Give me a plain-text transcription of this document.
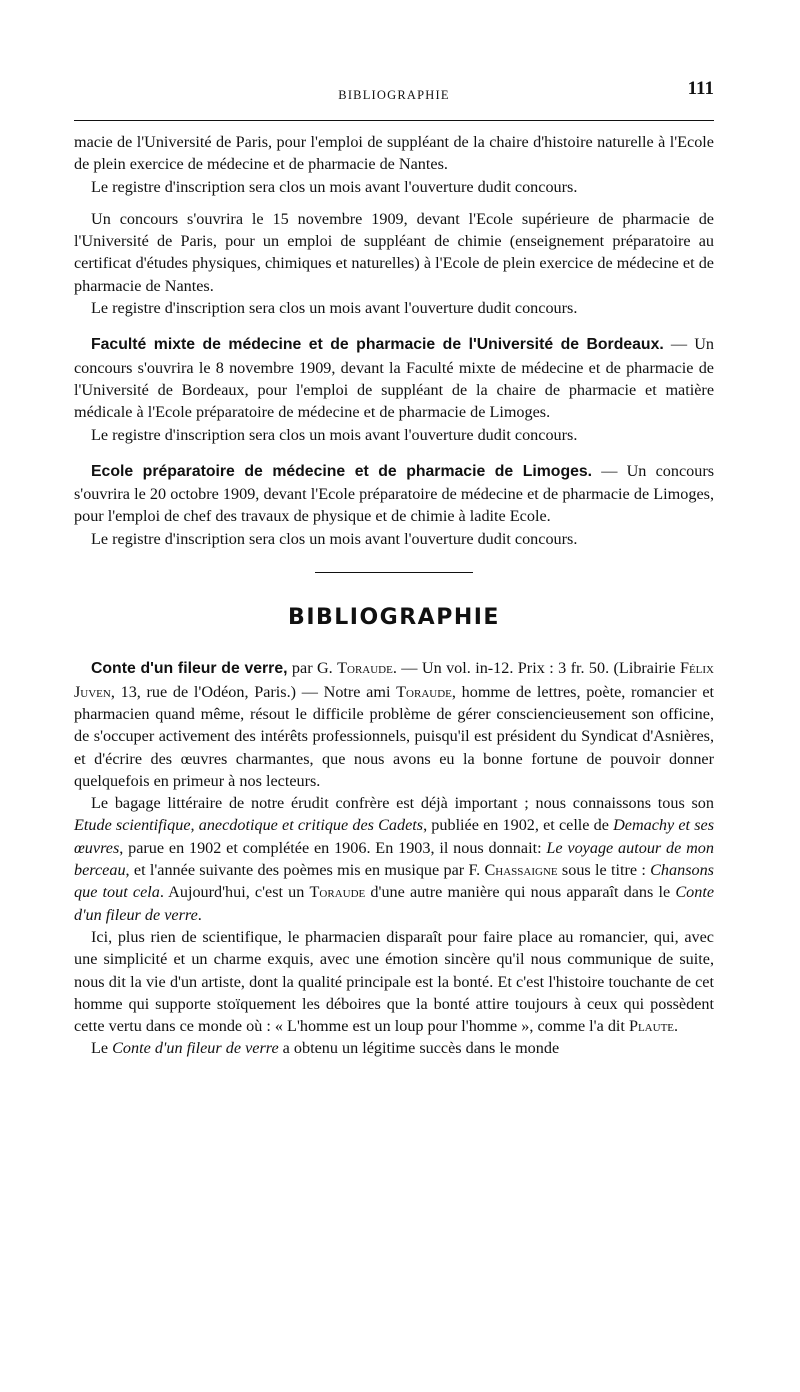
BIBLIOGRAPHIE	111

macie de l'Université de Paris, pour l'emploi de suppléant de la chaire d'histoire naturelle à l'Ecole de plein exercice de médecine et de pharmacie de Nantes.

Le registre d'inscription sera clos un mois avant l'ouverture dudit concours.

Un concours s'ouvrira le 15 novembre 1909, devant l'Ecole supérieure de pharmacie de l'Université de Paris, pour un emploi de suppléant de chimie (enseignement préparatoire au certificat d'études physiques, chimiques et naturelles) à l'Ecole de plein exercice de médecine et de pharmacie de Nantes.

Le registre d'inscription sera clos un mois avant l'ouverture dudit concours.

Faculté mixte de médecine et de pharmacie de l'Université de Bordeaux. — Un concours s'ouvrira le 8 novembre 1909, devant la Faculté mixte de médecine et de pharmacie de l'Université de Bordeaux, pour l'emploi de suppléant de la chaire de pharmacie et matière médicale à l'Ecole préparatoire de médecine et de pharmacie de Limoges.

Le registre d'inscription sera clos un mois avant l'ouverture dudit concours.

Ecole préparatoire de médecine et de pharmacie de Limoges. — Un concours s'ouvrira le 20 octobre 1909, devant l'Ecole préparatoire de médecine et de pharmacie de Limoges, pour l'emploi de chef des travaux de physique et de chimie à ladite Ecole.

Le registre d'inscription sera clos un mois avant l'ouverture dudit concours.

BIBLIOGRAPHIE

Conte d'un fileur de verre, par G. Toraude. — Un vol. in-12. Prix : 3 fr. 50. (Librairie Félix Juven, 13, rue de l'Odéon, Paris.) — Notre ami Toraude, homme de lettres, poète, romancier et pharmacien quand même, résout le difficile problème de gérer consciencieusement son officine, de s'occuper activement des intérêts professionnels, puisqu'il est président du Syndicat d'Asnières, et d'écrire des œuvres charmantes, que nous avons eu la bonne fortune de pouvoir donner quelquefois en primeur à nos lecteurs.

Le bagage littéraire de notre érudit confrère est déjà important ; nous connaissons tous son Etude scientifique, anecdotique et critique des Cadets, publiée en 1902, et celle de Demachy et ses œuvres, parue en 1902 et complétée en 1906. En 1903, il nous donnait: Le voyage autour de mon berceau, et l'année suivante des poèmes mis en musique par F. Chassaigne sous le titre : Chansons que tout cela. Aujourd'hui, c'est un Toraude d'une autre manière qui nous apparaît dans le Conte d'un fileur de verre.

Ici, plus rien de scientifique, le pharmacien disparaît pour faire place au romancier, qui, avec une simplicité et un charme exquis, avec une émotion sincère qu'il nous communique de suite, nous dit la vie d'un artiste, dont la qualité principale est la bonté. Et c'est l'histoire touchante de cet homme qui supporte stoïquement les déboires que la bonté attire toujours à ceux qui possèdent cette vertu dans ce monde où : « L'homme est un loup pour l'homme », comme l'a dit Plaute.

Le Conte d'un fileur de verre a obtenu un légitime succès dans le monde
